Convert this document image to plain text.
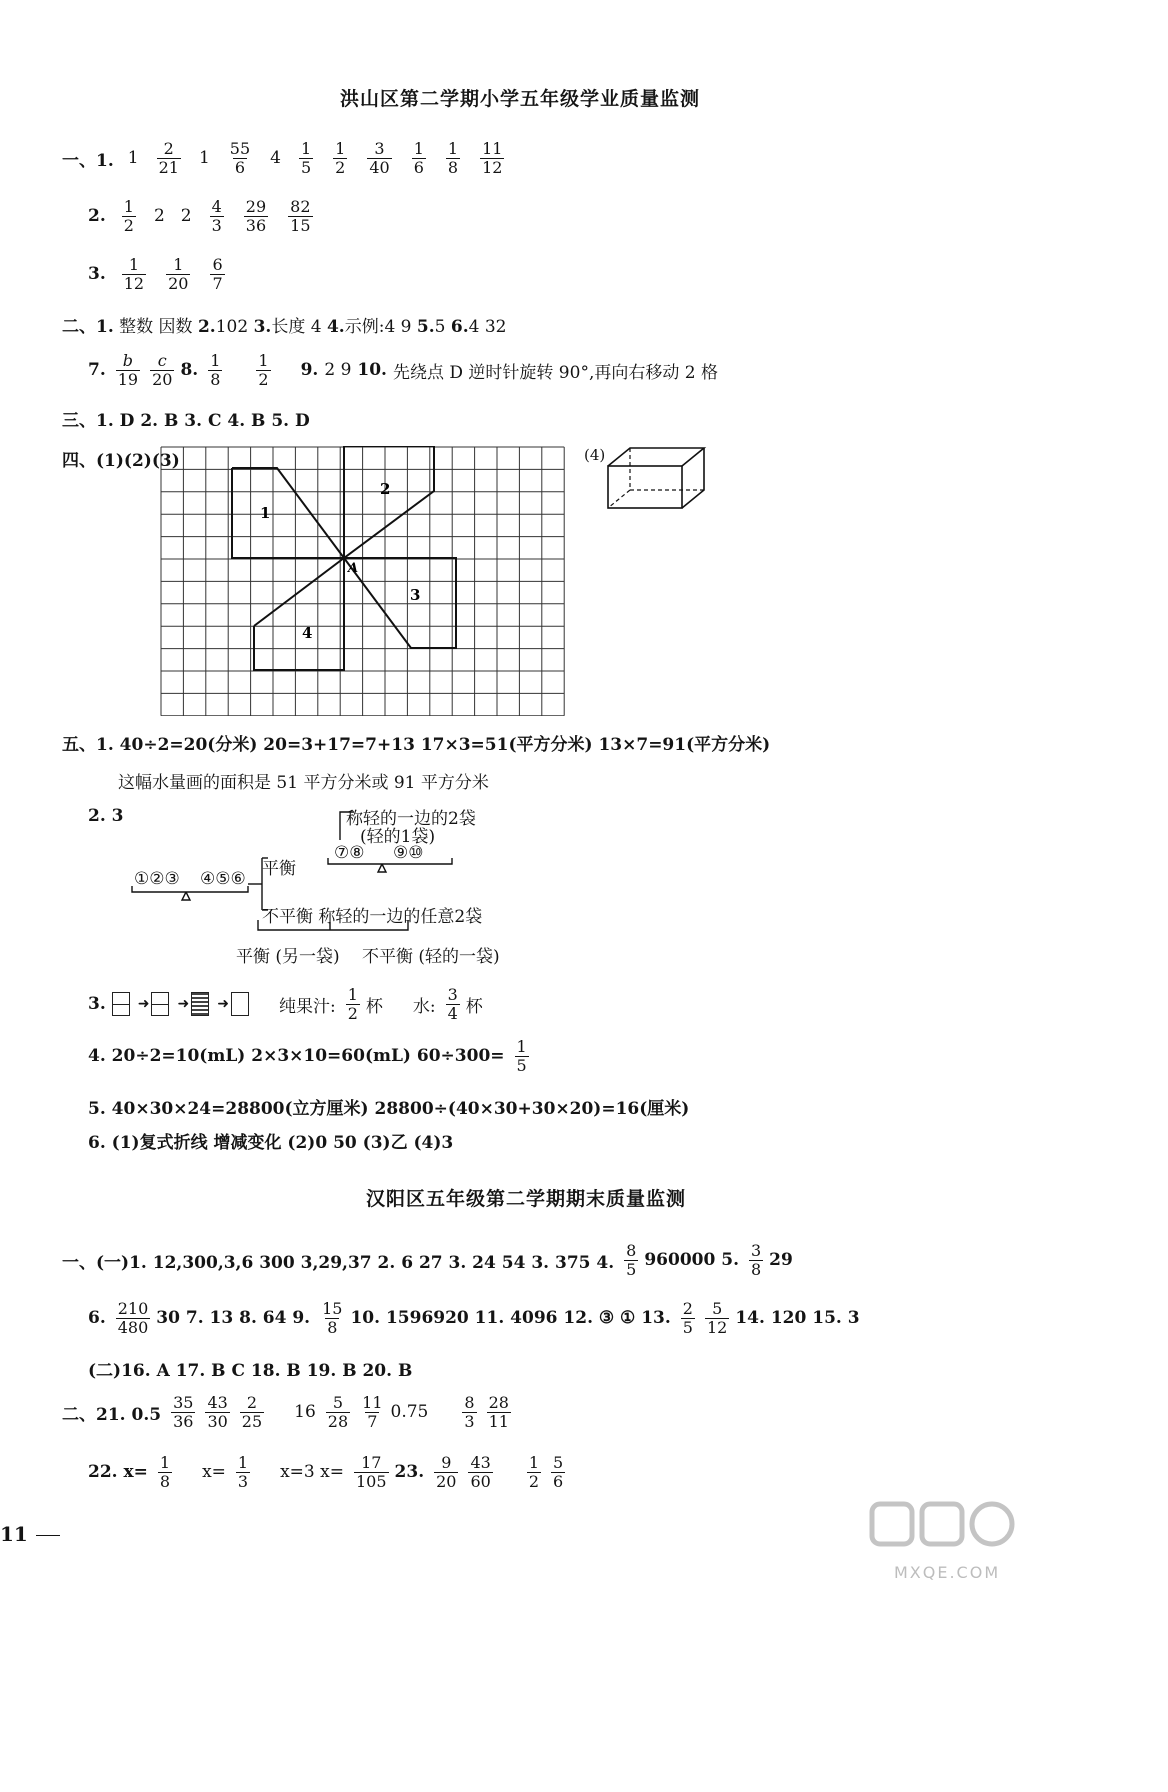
洪山区第二学期小学五年级学业质量监测
一、1. $1 \frac{2}{21} 1 \frac{55}{6} 4 \frac{1}{5} \frac{1}{2} \frac{3}{40} \frac{1}{6} \frac{1}{8} \frac{11}{12}$
2. $\frac{1}{2} 2$ $2 \frac{4}{3} \frac{29}{36} \frac{82}{15}$
3. $\frac{1}{12} \frac{1}{20} \frac{6}{7}$
二、1. 整数 因数 2.102 3.长度 4 4.示例:4 9 5.5 6.4 32
7. $\frac{b}{19} \frac{c}{20} 8$. $\frac{1}{8} \frac{1}{2} 9$. 2 9 10. 先绕点 D 逆时针旋转 90°,再向右移动 2 格
三、1. D 2. B 3. C 4. B 5. D
四、(1)(2)(3)
1
2
3
4
A
(4)
五、1. 40÷2=20(分米) 20=3+17=7+13 17×3=51(平方分米) 13×7=91(平方分米)
这幅水量画的面积是 51 平方分米或 91 平方分米
2. 3	称轻的一边的2袋
(轻的1袋)
⑦⑧ ⑨⑩
平衡
①②③ ④⑤⑥
不平衡 称轻的一边的任意2袋
平衡 (另一袋) 不平衡 (轻的一袋)
3. ➜ ➜ ➜	纯果汁: $\frac{1}{2}$ 杯 水: $\frac{3}{4}$ 杯
4. 20÷2=10(mL) 2×3×10=60(mL) $60\div 300= \frac{1}{5}$
5. 40×30×24=28800(立方厘米) 28800÷(40×30+30×20)=16(厘米)
6. (1)复式折线 增减变化 (2)0 50 (3)乙 (4)3
汉阳区五年级第二学期期末质量监测
一、(一)1. 12,300,3,6 300 3,29,37 2. 6 27 3. 24 54 3. 375 4. $\frac{8}{5} 960000$ 5. $\frac{3}{8} 29$
6. $\frac{210}{480} 30$ 7. 13 8. 64 9. $\frac{15}{8} 10$. 1596920 11. 4096 12. ③ ① 13. $\frac{2}{5} \frac{5}{12} 14$. 120 15. 3
(二)16. A 17. B C 18. B 19. B 20. B
二、21. $0.5 \frac{35}{36} \frac{43}{30} \frac{2}{25} 16 \frac{5}{28} \frac{11}{7} 0.75 \frac{8}{3} \frac{28}{11}$
22. $x= \frac{1}{8} x= \frac{1}{3} x=3$ $x= \frac{17}{105} 23$. $\frac{9}{20} \frac{43}{60} \frac{1}{2} \frac{5}{6}$
11
MXQE.COM
